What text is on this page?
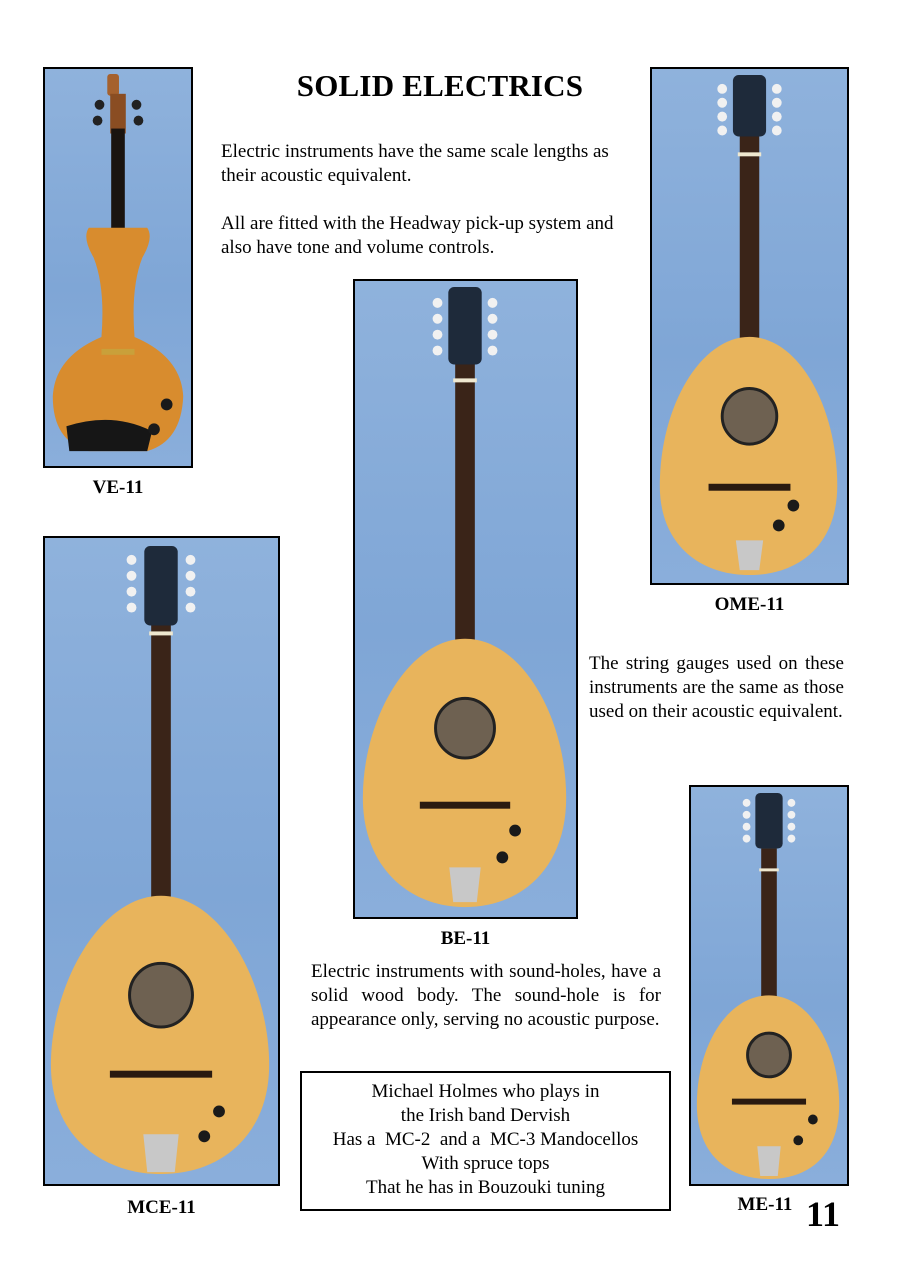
SOLID ELECTRICS
Electric instruments have the same scale lengths as their acoustic equivalent.
All are fitted with the Headway pick-up system and also have tone and volume controls.
VE-11
OME-11
BE-11
The string gauges used on these instruments are the same as those used on their acoustic equivalent.
MCE-11
Electric instruments with sound-holes, have a solid wood body. The sound-hole is for appearance only, serving no acoustic purpose.
Michael Holmes who plays in
the Irish band Dervish
Has a  MC-2  and a  MC-3 Mandocellos
With spruce tops
That he has in Bouzouki tuning
ME-11 11
